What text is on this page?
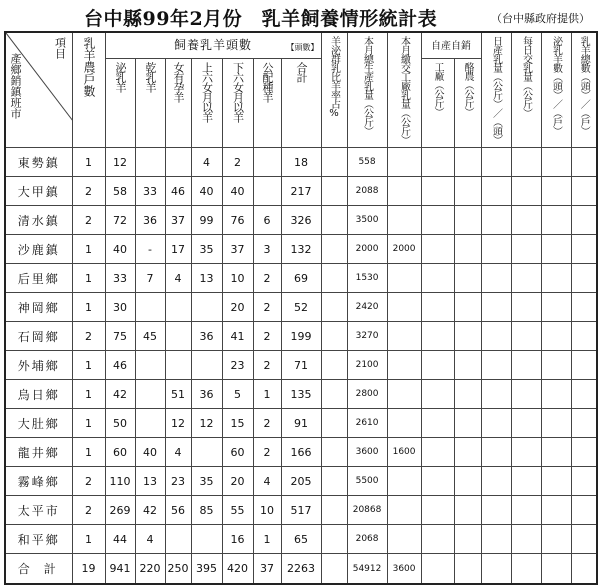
台中縣99年2月份　乳羊飼養情形統計表	（台中縣政府提供）
項目
產鄉銷鎮班市	乳羊農戶數	飼養乳羊頭數 【頭數】							羊泌群乳比羊率占%	本月總生產乳量（公斤）	本月繳交工廠乳量（公斤）	自產自銷		日產乳量（公斤）／（頭）	每日交乳量（公斤）	泌乳羊數（頭）／（戶）	乳羊總數（頭）／（戶）
		泌乳羊	乾乳羊	女有孕羊	上六女月以羊	下六女月以羊	公配種羊	合計				工廠（公斤）	酪農（公斤）				
東勢鎮	1	12			4	2		18		558							
大甲鎮	2	58	33	46	40	40		217		2088							
清水鎮	2	72	36	37	99	76	6	326		3500							
沙鹿鎮	1	40	-	17	35	37	3	132		2000	2000						
后里鄉	1	33	7	4	13	10	2	69		1530							
神岡鄉	1	30				20	2	52		2420							
石岡鄉	2	75	45		36	41	2	199		3270							
外埔鄉	1	46				23	2	71		2100							
烏日鄉	1	42		51	36	5	1	135		2800							
大肚鄉	1	50		12	12	15	2	91		2610							
龍井鄉	1	60	40	4		60	2	166		3600	1600						
霧峰鄉	2	110	13	23	35	20	4	205		5500							
太平市	2	269	42	56	85	55	10	517		20868							
和平鄉	1	44	4			16	1	65		2068							
合計	19	941	220	250	395	420	37	2263		54912	3600						
